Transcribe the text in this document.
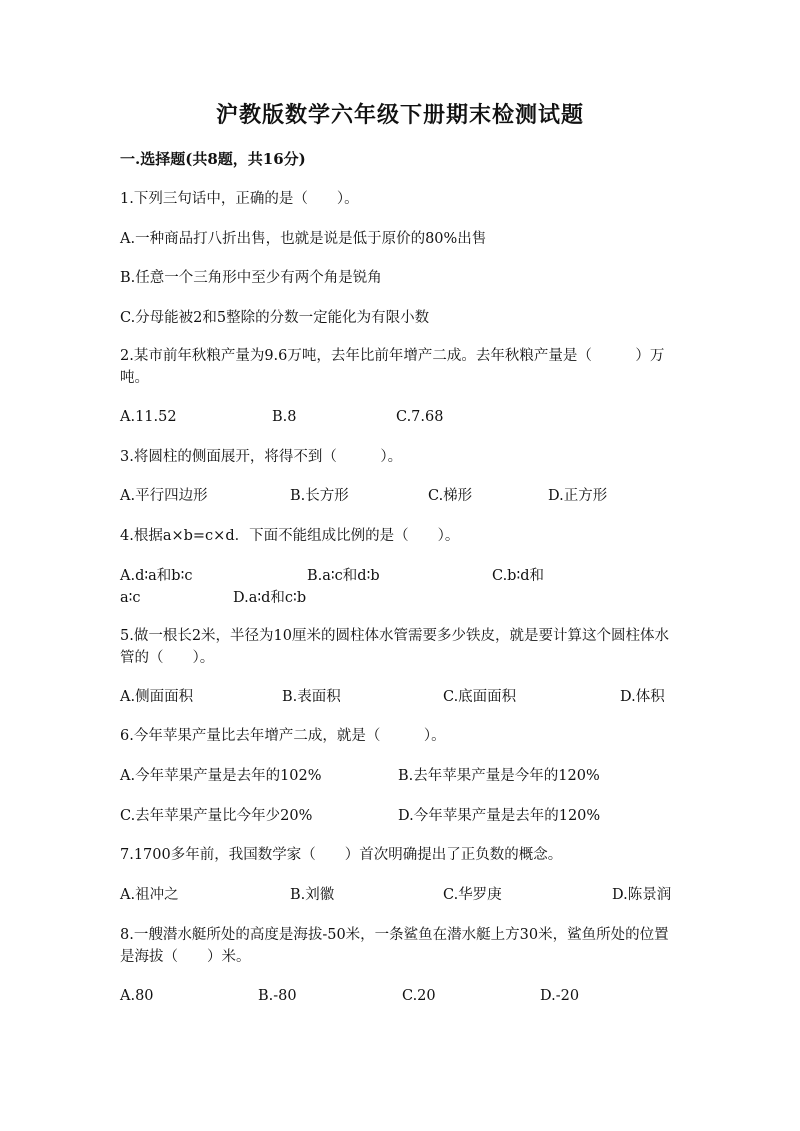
沪教版数学六年级下册期末检测试题
一.选择题(共8题，共16分)
1.下列三句话中，正确的是（　　）。
A.一种商品打八折出售，也就是说是低于原价的80%出售
B.任意一个三角形中至少有两个角是锐角
C.分母能被2和5整除的分数一定能化为有限小数
2.某市前年秋粮产量为9.6万吨，去年比前年增产二成。去年秋粮产量是（　　　）万吨。
A.11.52	B.8	C.7.68
3.将圆柱的侧面展开，将得不到（　　　）。
A.平行四边形	B.长方形	C.梯形	D.正方形
4.根据a×b=c×d．下面不能组成比例的是（　　）。
A.d∶a和b∶c	B.a∶c和d∶b	C.b∶d和
a∶c	D.a∶d和c∶b
5.做一根长2米，半径为10厘米的圆柱体水管需要多少铁皮，就是要计算这个圆柱体水管的（　　）。
A.侧面面积	B.表面积	C.底面面积	D.体积
6.今年苹果产量比去年增产二成，就是（　　　）。
A.今年苹果产量是去年的102%	B.去年苹果产量是今年的120%
C.去年苹果产量比今年少20%	D.今年苹果产量是去年的120%
7.1700多年前，我国数学家（　　）首次明确提出了正负数的概念。
A.祖冲之	B.刘徽	C.华罗庚	D.陈景润
8.一艘潜水艇所处的高度是海拔-50米，一条鲨鱼在潜水艇上方30米，鲨鱼所处的位置是海拔（　　）米。
A.80	B.-80	C.20	D.-20
